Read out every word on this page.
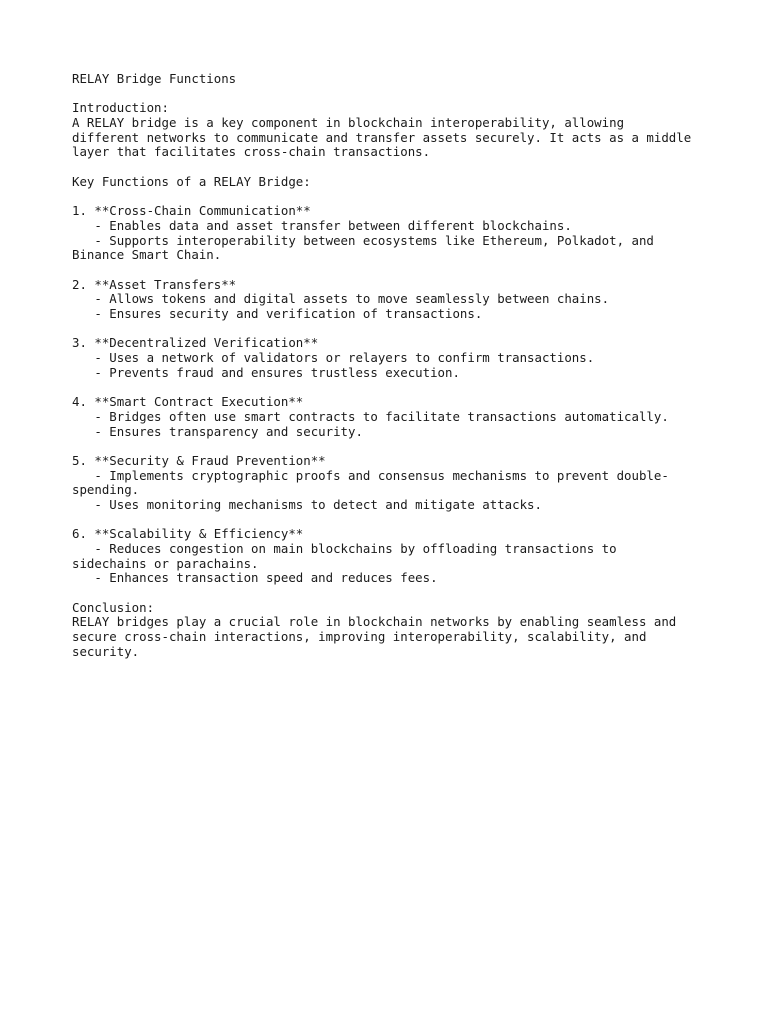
RELAY Bridge Functions
Introduction:
A RELAY bridge is a key component in blockchain interoperability, allowing
different networks to communicate and transfer assets securely. It acts as a middle
layer that facilitates cross-chain transactions.
Key Functions of a RELAY Bridge:
1. **Cross-Chain Communication**
- Enables data and asset transfer between different blockchains.
- Supports interoperability between ecosystems like Ethereum, Polkadot, and
Binance Smart Chain.
2. **Asset Transfers**
- Allows tokens and digital assets to move seamlessly between chains.
- Ensures security and verification of transactions.
3. **Decentralized Verification**
- Uses a network of validators or relayers to confirm transactions.
- Prevents fraud and ensures trustless execution.
4. **Smart Contract Execution**
- Bridges often use smart contracts to facilitate transactions automatically.
- Ensures transparency and security.
5. **Security & Fraud Prevention**
- Implements cryptographic proofs and consensus mechanisms to prevent double-
spending.
- Uses monitoring mechanisms to detect and mitigate attacks.
6. **Scalability & Efficiency**
- Reduces congestion on main blockchains by offloading transactions to
sidechains or parachains.
- Enhances transaction speed and reduces fees.
Conclusion:
RELAY bridges play a crucial role in blockchain networks by enabling seamless and
secure cross-chain interactions, improving interoperability, scalability, and
security.
